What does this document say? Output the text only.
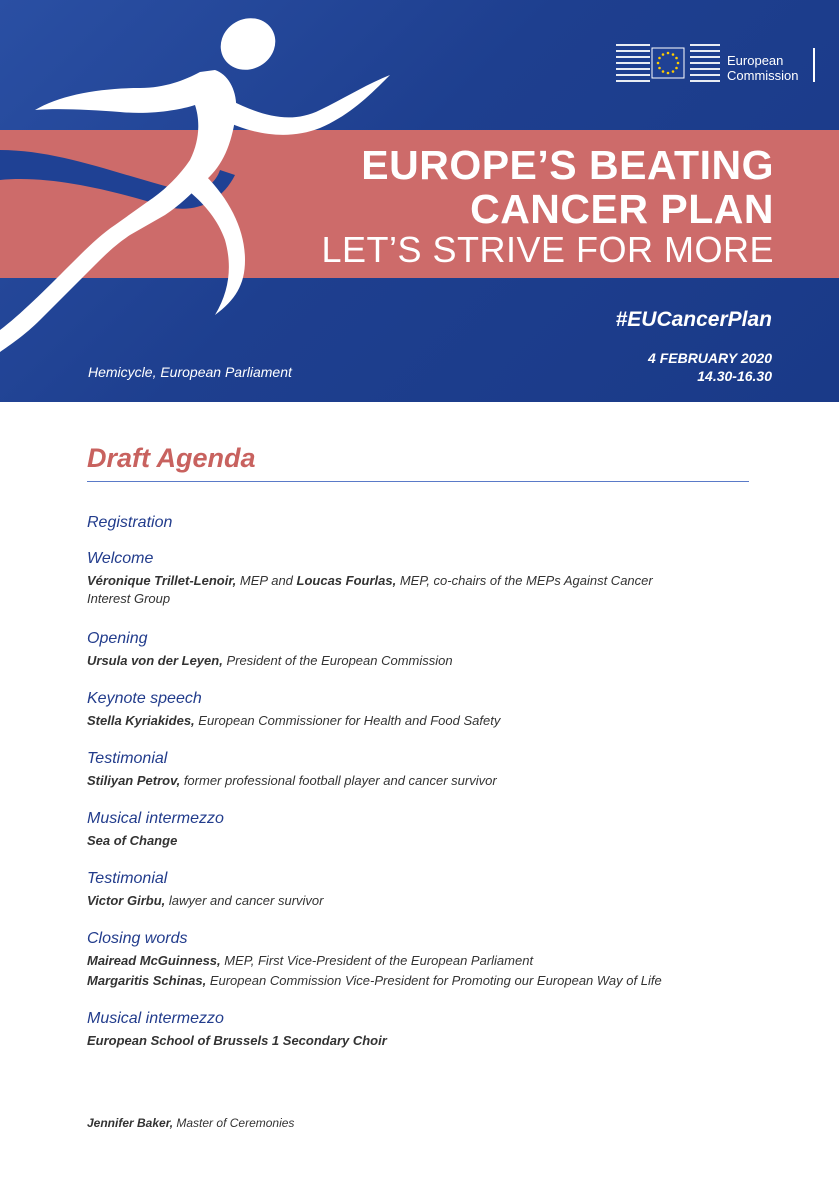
European
Commission
EUROPE’S BEATING
CANCER PLAN
LET’S STRIVE FOR MORE
#EUCancerPlan
4 FEBRUARY 2020
14.30-16.30
Hemicycle, European Parliament
Draft Agenda
Registration
Welcome
Véronique Trillet-Lenoir, MEP and Loucas Fourlas, MEP, co-chairs of the MEPs Against Cancer
Interest Group
Opening
Ursula von der Leyen, President of the European Commission
Keynote speech
Stella Kyriakides, European Commissioner for Health and Food Safety
Testimonial
Stiliyan Petrov, former professional football player and cancer survivor
Musical intermezzo
Sea of Change
Testimonial
Victor Girbu, lawyer and cancer survivor
Closing words
Mairead McGuinness, MEP, First Vice-President of the European Parliament
Margaritis Schinas, European Commission Vice-President for Promoting our European Way of Life
Musical intermezzo
European School of Brussels 1 Secondary Choir
Jennifer Baker, Master of Ceremonies
